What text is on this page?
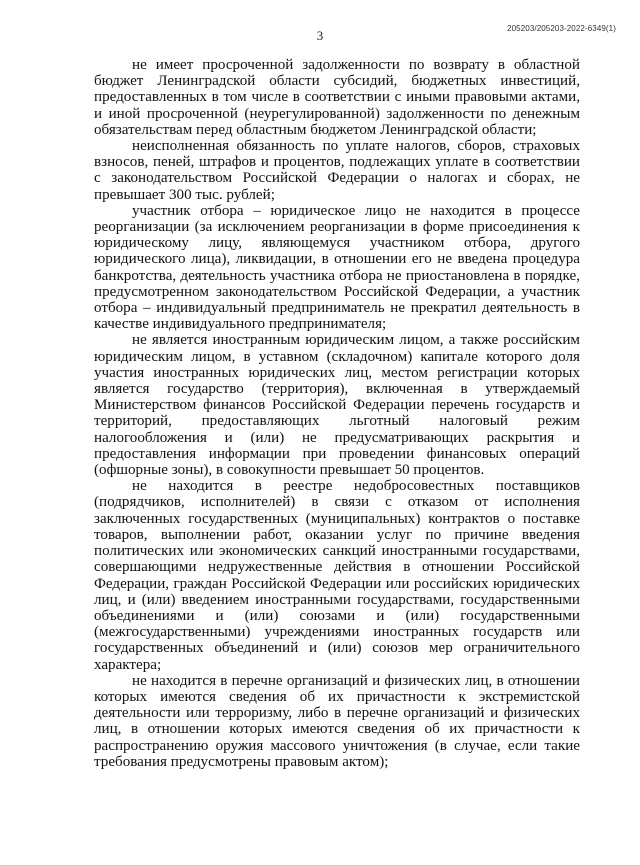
3	205203/205203-2022-6349(1)

не имеет просроченной задолженности по возврату в областной бюджет Ленинградской области субсидий, бюджетных инвестиций, предоставленных в том числе в соответствии с иными правовыми актами, и иной просроченной (неурегулированной) задолженности по денежным обязательствам перед областным бюджетом Ленинградской области;

неисполненная обязанность по уплате налогов, сборов, страховых взносов, пеней, штрафов и процентов, подлежащих уплате в соответствии с законодательством Российской Федерации о налогах и сборах, не превышает 300 тыс. рублей;

участник отбора – юридическое лицо не находится в процессе реорганизации (за исключением реорганизации в форме присоединения к юридическому лицу, являющемуся участником отбора, другого юридического лица), ликвидации, в отношении его не введена процедура банкротства, деятельность участника отбора не приостановлена в порядке, предусмотренном законодательством Российской Федерации, а участник отбора – индивидуальный предприниматель не прекратил деятельность в качестве индивидуального предпринимателя;

не является иностранным юридическим лицом, а также российским юридическим лицом, в уставном (складочном) капитале которого доля участия иностранных юридических лиц, местом регистрации которых является государство (территория), включенная в утверждаемый Министерством финансов Российской Федерации перечень государств и территорий, предоставляющих льготный налоговый режим налогообложения и (или) не предусматривающих раскрытия и предоставления информации при проведении финансовых операций (офшорные зоны), в совокупности превышает 50 процентов.

не находится в реестре недобросовестных поставщиков (подрядчиков, исполнителей) в связи с отказом от исполнения заключенных государственных (муниципальных) контрактов о поставке товаров, выполнении работ, оказании услуг по причине введения политических или экономических санкций иностранными государствами, совершающими недружественные действия в отношении Российской Федерации, граждан Российской Федерации или российских юридических лиц, и (или) введением иностранными государствами, государственными объединениями и (или) союзами и (или) государственными (межгосударственными) учреждениями иностранных государств или государственных объединений и (или) союзов мер ограничительного характера;

не находится в перечне организаций и физических лиц, в отношении которых имеются сведения об их причастности к экстремистской деятельности или терроризму, либо в перечне организаций и физических лиц, в отношении которых имеются сведения об их причастности к распространению оружия массового уничтожения (в случае, если такие требования предусмотрены правовым актом);
